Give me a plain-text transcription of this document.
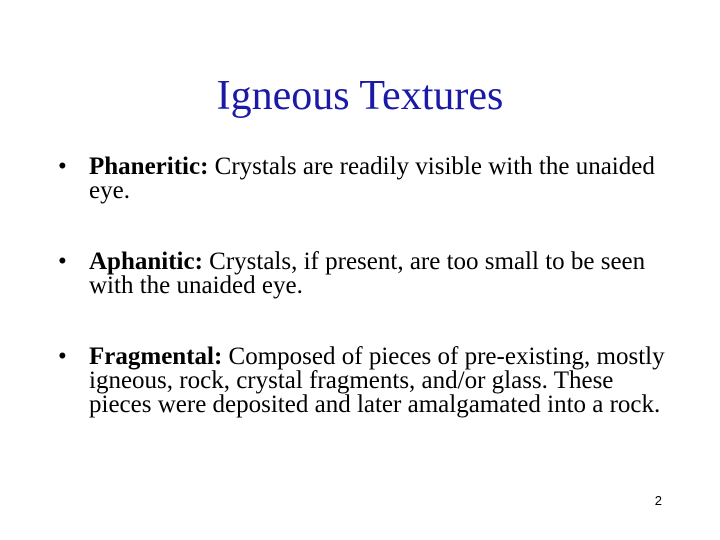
Igneous Textures
• Phaneritic: Crystals are readily visible with the unaided eye.
• Aphanitic: Crystals, if present, are too small to be seen with the unaided eye.
• Fragmental: Composed of pieces of pre-existing, mostly igneous, rock, crystal fragments, and/or glass. These pieces were deposited and later amalgamated into a rock.
2
